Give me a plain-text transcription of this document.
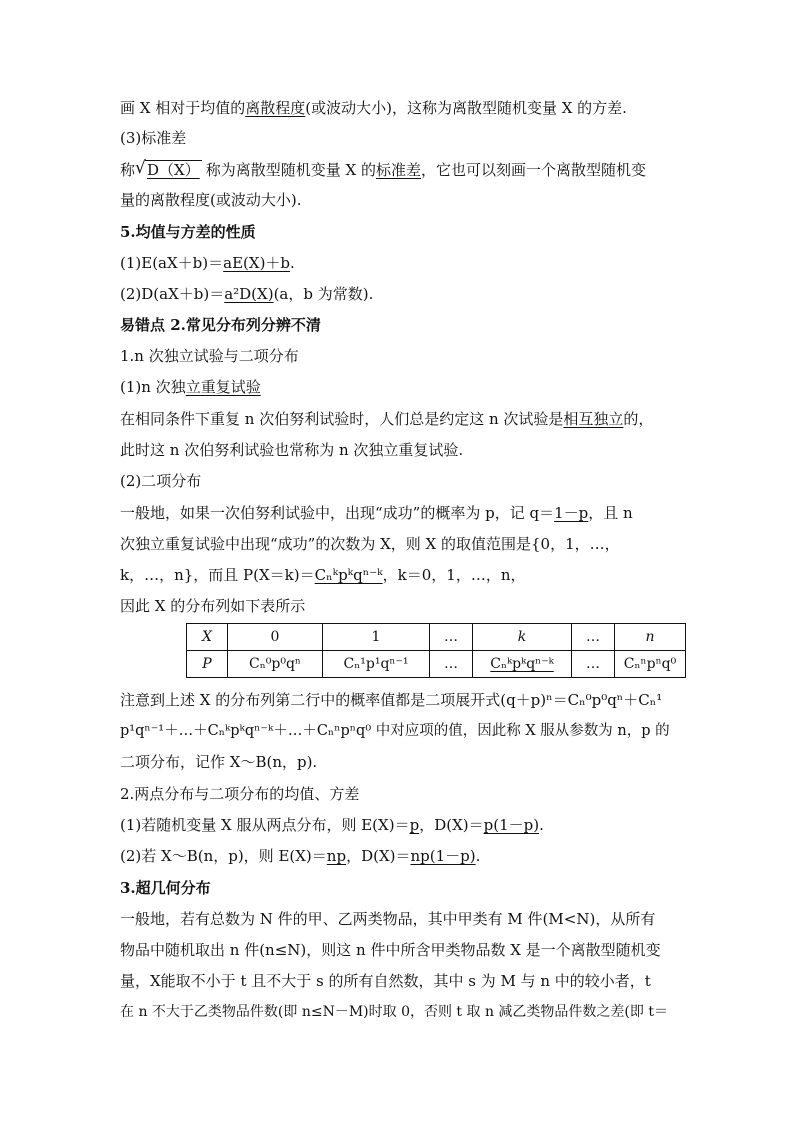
画 X 相对于均值的离散程度(或波动大小)，这称为离散型随机变量 X 的方差.
(3)标准差
称 √ D（X） 称为离散型随机变量 X 的标准差，它也可以刻画一个离散型随机变
量的离散程度(或波动大小).
5.均值与方差的性质
(1)E(aX＋b)＝aE(X)＋b.
(2)D(aX＋b)＝a²D(X)(a，b 为常数).
易错点 2.常见分布列分辨不清
1.n 次独立试验与二项分布
(1)n 次独立重复试验
在相同条件下重复 n 次伯努利试验时，人们总是约定这 n 次试验是相互独立的，
此时这 n 次伯努利试验也常称为 n 次独立重复试验.
(2)二项分布
一般地，如果一次伯努利试验中，出现“成功”的概率为 p，记 q＝1－p，且 n
次独立重复试验中出现“成功”的次数为 X，则 X 的取值范围是{0，1，…，
k，…，n}，而且 P(X＝k)＝Cₙᵏpᵏqⁿ⁻ᵏ，k＝0，1，…，n，
因此 X 的分布列如下表所示
X	0	1	…	k	…	n
P	Cₙ⁰p⁰qⁿ	Cₙ¹p¹qⁿ⁻¹	…	Cₙᵏpᵏqⁿ⁻ᵏ	…	Cₙⁿpⁿq⁰
注意到上述 X 的分布列第二行中的概率值都是二项展开式(q＋p)ⁿ＝Cₙ⁰p⁰qⁿ＋Cₙ¹
p¹qⁿ⁻¹＋…＋Cₙᵏpᵏqⁿ⁻ᵏ＋…＋Cₙⁿpⁿq⁰ 中对应项的值，因此称 X 服从参数为 n，p 的
二项分布，记作 X～B(n，p).
2.两点分布与二项分布的均值、方差
(1)若随机变量 X 服从两点分布，则 E(X)＝p，D(X)＝p(1－p).
(2)若 X～B(n，p)，则 E(X)＝np，D(X)＝np(1－p).
3.超几何分布
一般地，若有总数为 N 件的甲、乙两类物品，其中甲类有 M 件(M<N)，从所有
物品中随机取出 n 件(n≤N)，则这 n 件中所含甲类物品数 X 是一个离散型随机变
量，X能取不小于 t 且不大于 s 的所有自然数，其中 s 为 M 与 n 中的较小者，t
在 n 不大于乙类物品件数(即 n≤N－M)时取 0，否则 t 取 n 减乙类物品件数之差(即 t＝
